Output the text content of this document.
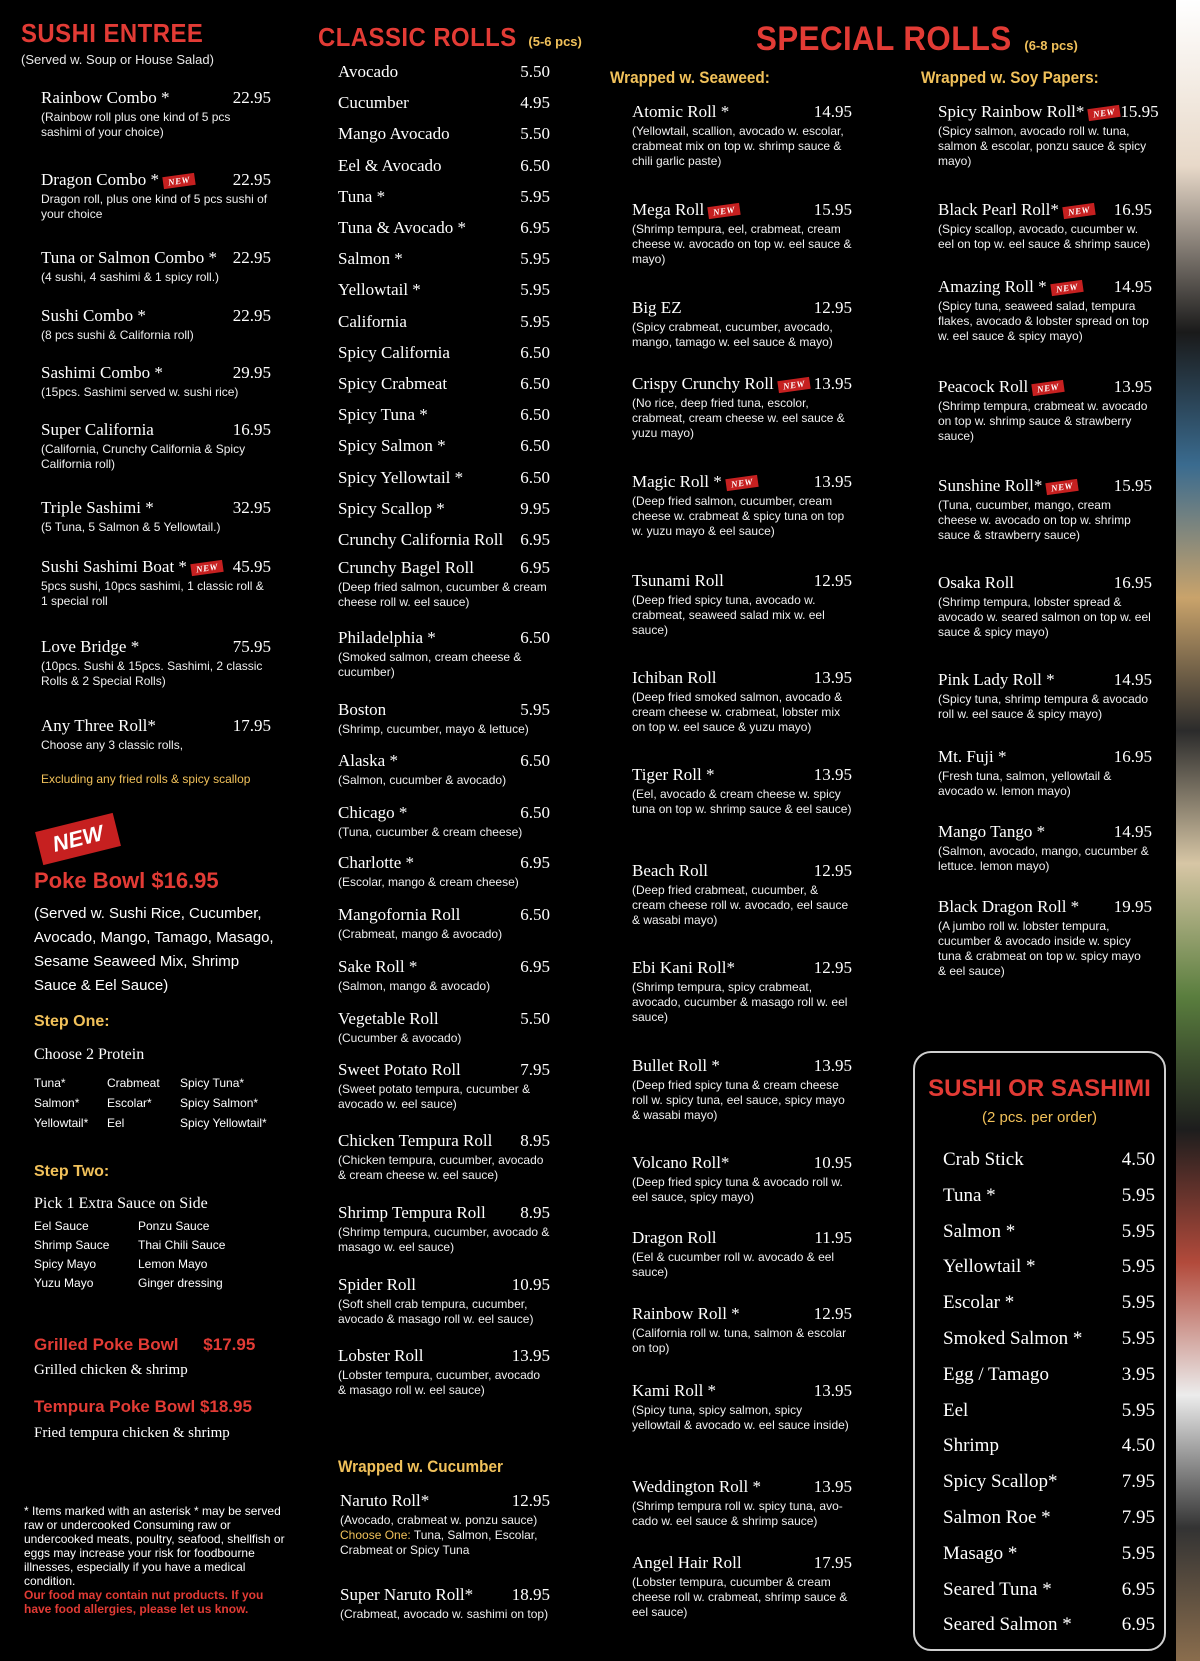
SUSHI ENTREE
(Served w. Soup or House Salad)
Rainbow Combo *	22.95
(Rainbow roll plus one kind of 5 pcs sashimi of your choice)
Dragon Combo * NEW 22.95
Dragon roll, plus one kind of 5 pcs sushi of your choice
Tuna or Salmon Combo * 22.95
(4 sushi, 4 sashimi & 1 spicy roll.)
Sushi Combo *	22.95
(8 pcs sushi & California roll)
Sashimi Combo *	29.95
(15pcs. Sashimi served w. sushi rice)
Super California	16.95
(California, Crunchy California & Spicy California roll)
Triple Sashimi *	32.95
(5 Tuna, 5 Salmon & 5 Yellowtail.)
Sushi Sashimi Boat * NEW 45.95
5pcs sushi, 10pcs sashimi, 1 classic roll & 1 special roll
Love Bridge *	75.95
(10pcs. Sushi & 15pcs. Sashimi, 2 classic Rolls & 2 Special Rolls)
Any Three Roll*	17.95
Choose any 3 classic rolls,
Excluding any fried rolls & spicy scallop
NEW
Poke Bowl $16.95
(Served w. Sushi Rice, Cucumber, Avocado, Mango, Tamago, Masago, Sesame Seaweed Mix, Shrimp Sauce & Eel Sauce)
Step One:
Choose 2 Protein
Tuna*	Crabmeat	Spicy Tuna*
Salmon*	Escolar*	Spicy Salmon*
Yellowtail*	Eel	Spicy Yellowtail*
Step Two:
Pick 1 Extra Sauce on Side
Eel Sauce	Ponzu Sauce
Shrimp Sauce	Thai Chili Sauce
Spicy Mayo	Lemon Mayo
Yuzu Mayo	Ginger dressing
Grilled Poke Bowl $17.95
Grilled chicken & shrimp
Tempura Poke Bowl $18.95
Fried tempura chicken & shrimp
* Items marked with an asterisk * may be served raw or undercooked Consuming raw or undercooked meats, poultry, seafood, shellfish or eggs may increase your risk for foodbourne illnesses, especially if you have a medical condition.
Our food may contain nut products. If you have food allergies, please let us know.
CLASSIC ROLLS (5-6 pcs)
Avocado	5.50
Cucumber	4.95
Mango Avocado	5.50
Eel & Avocado	6.50
Tuna *	5.95
Tuna & Avocado *	6.95
Salmon *	5.95
Yellowtail *	5.95
California	5.95
Spicy California	6.50
Spicy Crabmeat	6.50
Spicy Tuna *	6.50
Spicy Salmon *	6.50
Spicy Yellowtail *	6.50
Spicy Scallop *	9.95
Crunchy California Roll 6.95
Crunchy Bagel Roll	6.95
(Deep fried salmon, cucumber & cream cheese roll w. eel sauce)
Philadelphia *	6.50
(Smoked salmon, cream cheese & cucumber)
Boston	5.95
(Shrimp, cucumber, mayo & lettuce)
Alaska *	6.50
(Salmon, cucumber & avocado)
Chicago *	6.50
(Tuna, cucumber & cream cheese)
Charlotte *	6.95
(Escolar, mango & cream cheese)
Mangofornia Roll	6.50
(Crabmeat, mango & avocado)
Sake Roll *	6.95
(Salmon, mango & avocado)
Vegetable Roll	5.50
(Cucumber & avocado)
Sweet Potato Roll	7.95
(Sweet potato tempura, cucumber & avocado w. eel sauce)
Chicken Tempura Roll 8.95
(Chicken tempura, cucumber, avocado & cream cheese w. eel sauce)
Shrimp Tempura Roll 8.95
(Shrimp tempura, cucumber, avocado & masago w. eel sauce)
Spider Roll	10.95
(Soft shell crab tempura, cucumber, avocado & masago roll w. eel sauce)
Lobster Roll	13.95
(Lobster tempura, cucumber, avocado & masago roll w. eel sauce)
Wrapped w. Cucumber
Naruto Roll*	12.95
(Avocado, crabmeat w. ponzu sauce)
Choose One: Tuna, Salmon, Escolar, Crabmeat or Spicy Tuna
Super Naruto Roll* 18.95
(Crabmeat, avocado w. sashimi on top)
SPECIAL ROLLS (6-8 pcs)
Wrapped w. Seaweed:
Atomic Roll *	14.95
(Yellowtail, scallion, avocado w. escolar, crabmeat mix on top w. shrimp sauce & chili garlic paste)
Mega Roll NEW	15.95
(Shrimp tempura, eel, crabmeat, cream cheese w. avocado on top w. eel sauce & mayo)
Big EZ	12.95
(Spicy crabmeat, cucumber, avocado, mango, tamago w. eel sauce & mayo)
Crispy Crunchy Roll NEW 13.95
(No rice, deep fried tuna, escolor, crabmeat, cream cheese w. eel sauce & yuzu mayo)
Magic Roll * NEW	13.95
(Deep fried salmon, cucumber, cream cheese w. crabmeat & spicy tuna on top w. yuzu mayo & eel sauce)
Tsunami Roll	12.95
(Deep fried spicy tuna, avocado w. crabmeat, seaweed salad mix w. eel sauce)
Ichiban Roll	13.95
(Deep fried smoked salmon, avocado & cream cheese w. crabmeat, lobster mix on top w. eel sauce & yuzu mayo)
Tiger Roll *	13.95
(Eel, avocado & cream cheese w. spicy tuna on top w. shrimp sauce & eel sauce)
Beach Roll	12.95
(Deep fried crabmeat, cucumber, & cream cheese roll w. avocado, eel sauce & wasabi mayo)
Ebi Kani Roll*	12.95
(Shrimp tempura, spicy crabmeat, avocado, cucumber & masago roll w. eel sauce)
Bullet Roll *	13.95
(Deep fried spicy tuna & cream cheese roll w. spicy tuna, eel sauce, spicy mayo & wasabi mayo)
Volcano Roll*	10.95
(Deep fried spicy tuna & avocado roll w. eel sauce, spicy mayo)
Dragon Roll	11.95
(Eel & cucumber roll w. avocado & eel sauce)
Rainbow Roll *	12.95
(California roll w. tuna, salmon & escolar on top)
Kami Roll *	13.95
(Spicy tuna, spicy salmon, spicy yellowtail & avocado w. eel sauce inside)
Weddington Roll *	13.95
(Shrimp tempura roll w. spicy tuna, avo-cado w. eel sauce & shrimp sauce)
Angel Hair Roll	17.95
(Lobster tempura, cucumber & cream cheese roll w. crabmeat, shrimp sauce & eel sauce)
Wrapped w. Soy Papers:
Spicy Rainbow Roll* NEW 15.95
(Spicy salmon, avocado roll w. tuna, salmon & escolar, ponzu sauce & spicy mayo)
Black Pearl Roll* NEW 16.95
(Spicy scallop, avocado, cucumber w. eel on top w. eel sauce & shrimp sauce)
Amazing Roll * NEW 14.95
(Spicy tuna, seaweed salad, tempura flakes, avocado & lobster spread on top w. eel sauce & spicy mayo)
Peacock Roll NEW	13.95
(Shrimp tempura, crabmeat w. avocado on top w. shrimp sauce & strawberry sauce)
Sunshine Roll* NEW 15.95
(Tuna, cucumber, mango, cream cheese w. avocado on top w. shrimp sauce & strawberry sauce)
Osaka Roll	16.95
(Shrimp tempura, lobster spread & avocado w. seared salmon on top w. eel sauce & spicy mayo)
Pink Lady Roll *	14.95
(Spicy tuna, shrimp tempura & avocado roll w. eel sauce & spicy mayo)
Mt. Fuji *	16.95
(Fresh tuna, salmon, yellowtail & avocado w. lemon mayo)
Mango Tango *	14.95
(Salmon, avocado, mango, cucumber & lettuce. lemon mayo)
Black Dragon Roll * 19.95
(A jumbo roll w. lobster tempura, cucumber & avocado inside w. spicy tuna & crabmeat on top w. spicy mayo & eel sauce)
SUSHI OR SASHIMI
(2 pcs. per order)
Crab Stick	4.50
Tuna *	5.95
Salmon *	5.95
Yellowtail *	5.95
Escolar *	5.95
Smoked Salmon * 5.95
Egg / Tamago	3.95
Eel	5.95
Shrimp	4.50
Spicy Scallop*	7.95
Salmon Roe *	7.95
Masago *	5.95
Seared Tuna *	6.95
Seared Salmon *	6.95
